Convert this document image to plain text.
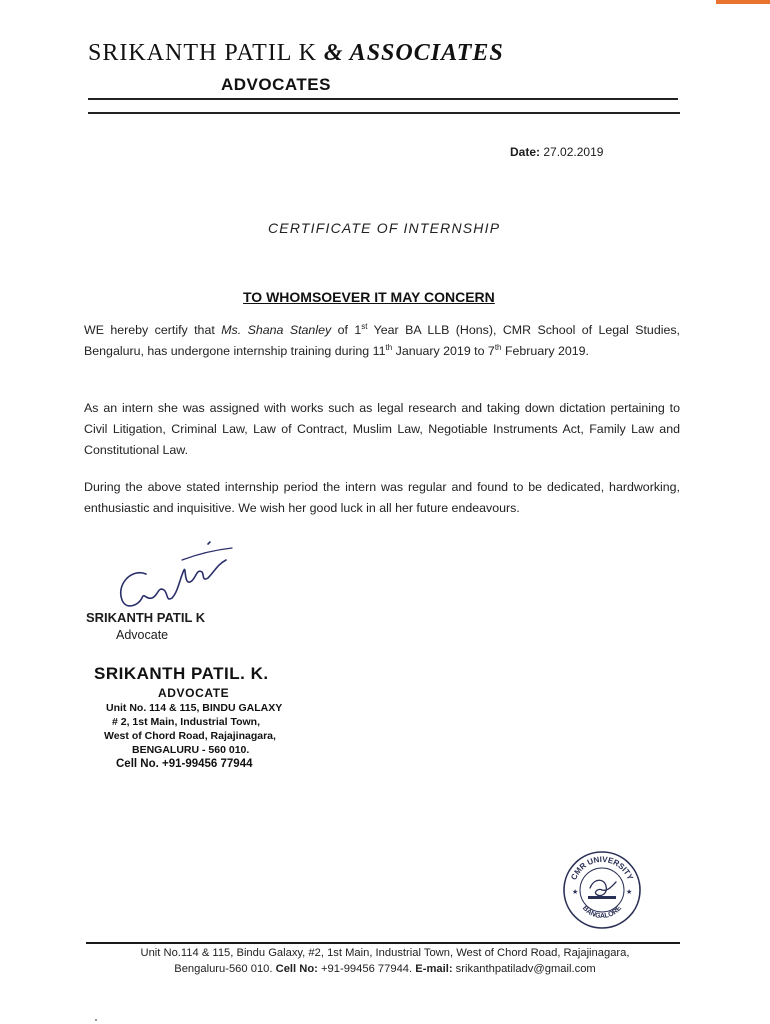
SRIKANTH PATIL K & ASSOCIATES
ADVOCATES
Date: 27.02.2019
CERTIFICATE OF INTERNSHIP
TO WHOMSOEVER IT MAY CONCERN
WE hereby certify that Ms. Shana Stanley of 1st Year BA LLB (Hons), CMR School of Legal Studies, Bengaluru, has undergone internship training during 11th January 2019 to 7th February 2019.
As an intern she was assigned with works such as legal research and taking down dictation pertaining to Civil Litigation, Criminal Law, Law of Contract, Muslim Law, Negotiable Instruments Act, Family Law and Constitutional Law.
During the above stated internship period the intern was regular and found to be dedicated, hardworking, enthusiastic and inquisitive. We wish her good luck in all her future endeavours.
SRIKANTH PATIL K
Advocate
SRIKANTH PATIL. K.
ADVOCATE
Unit No. 114 & 115, BINDU GALAXY
# 2, 1st Main, Industrial Town,
West of Chord Road, Rajajinagara,
BENGALURU - 560 010.
Cell No. +91-99456 77944
CMR UNIVERSITY
BANGALORE
★	★
Unit No.114 & 115, Bindu Galaxy, #2, 1st Main, Industrial Town, West of Chord Road, Rajajinagara,
Bengaluru-560 010. Cell No: +91-99456 77944. E-mail: srikanthpatiladv@gmail.com
